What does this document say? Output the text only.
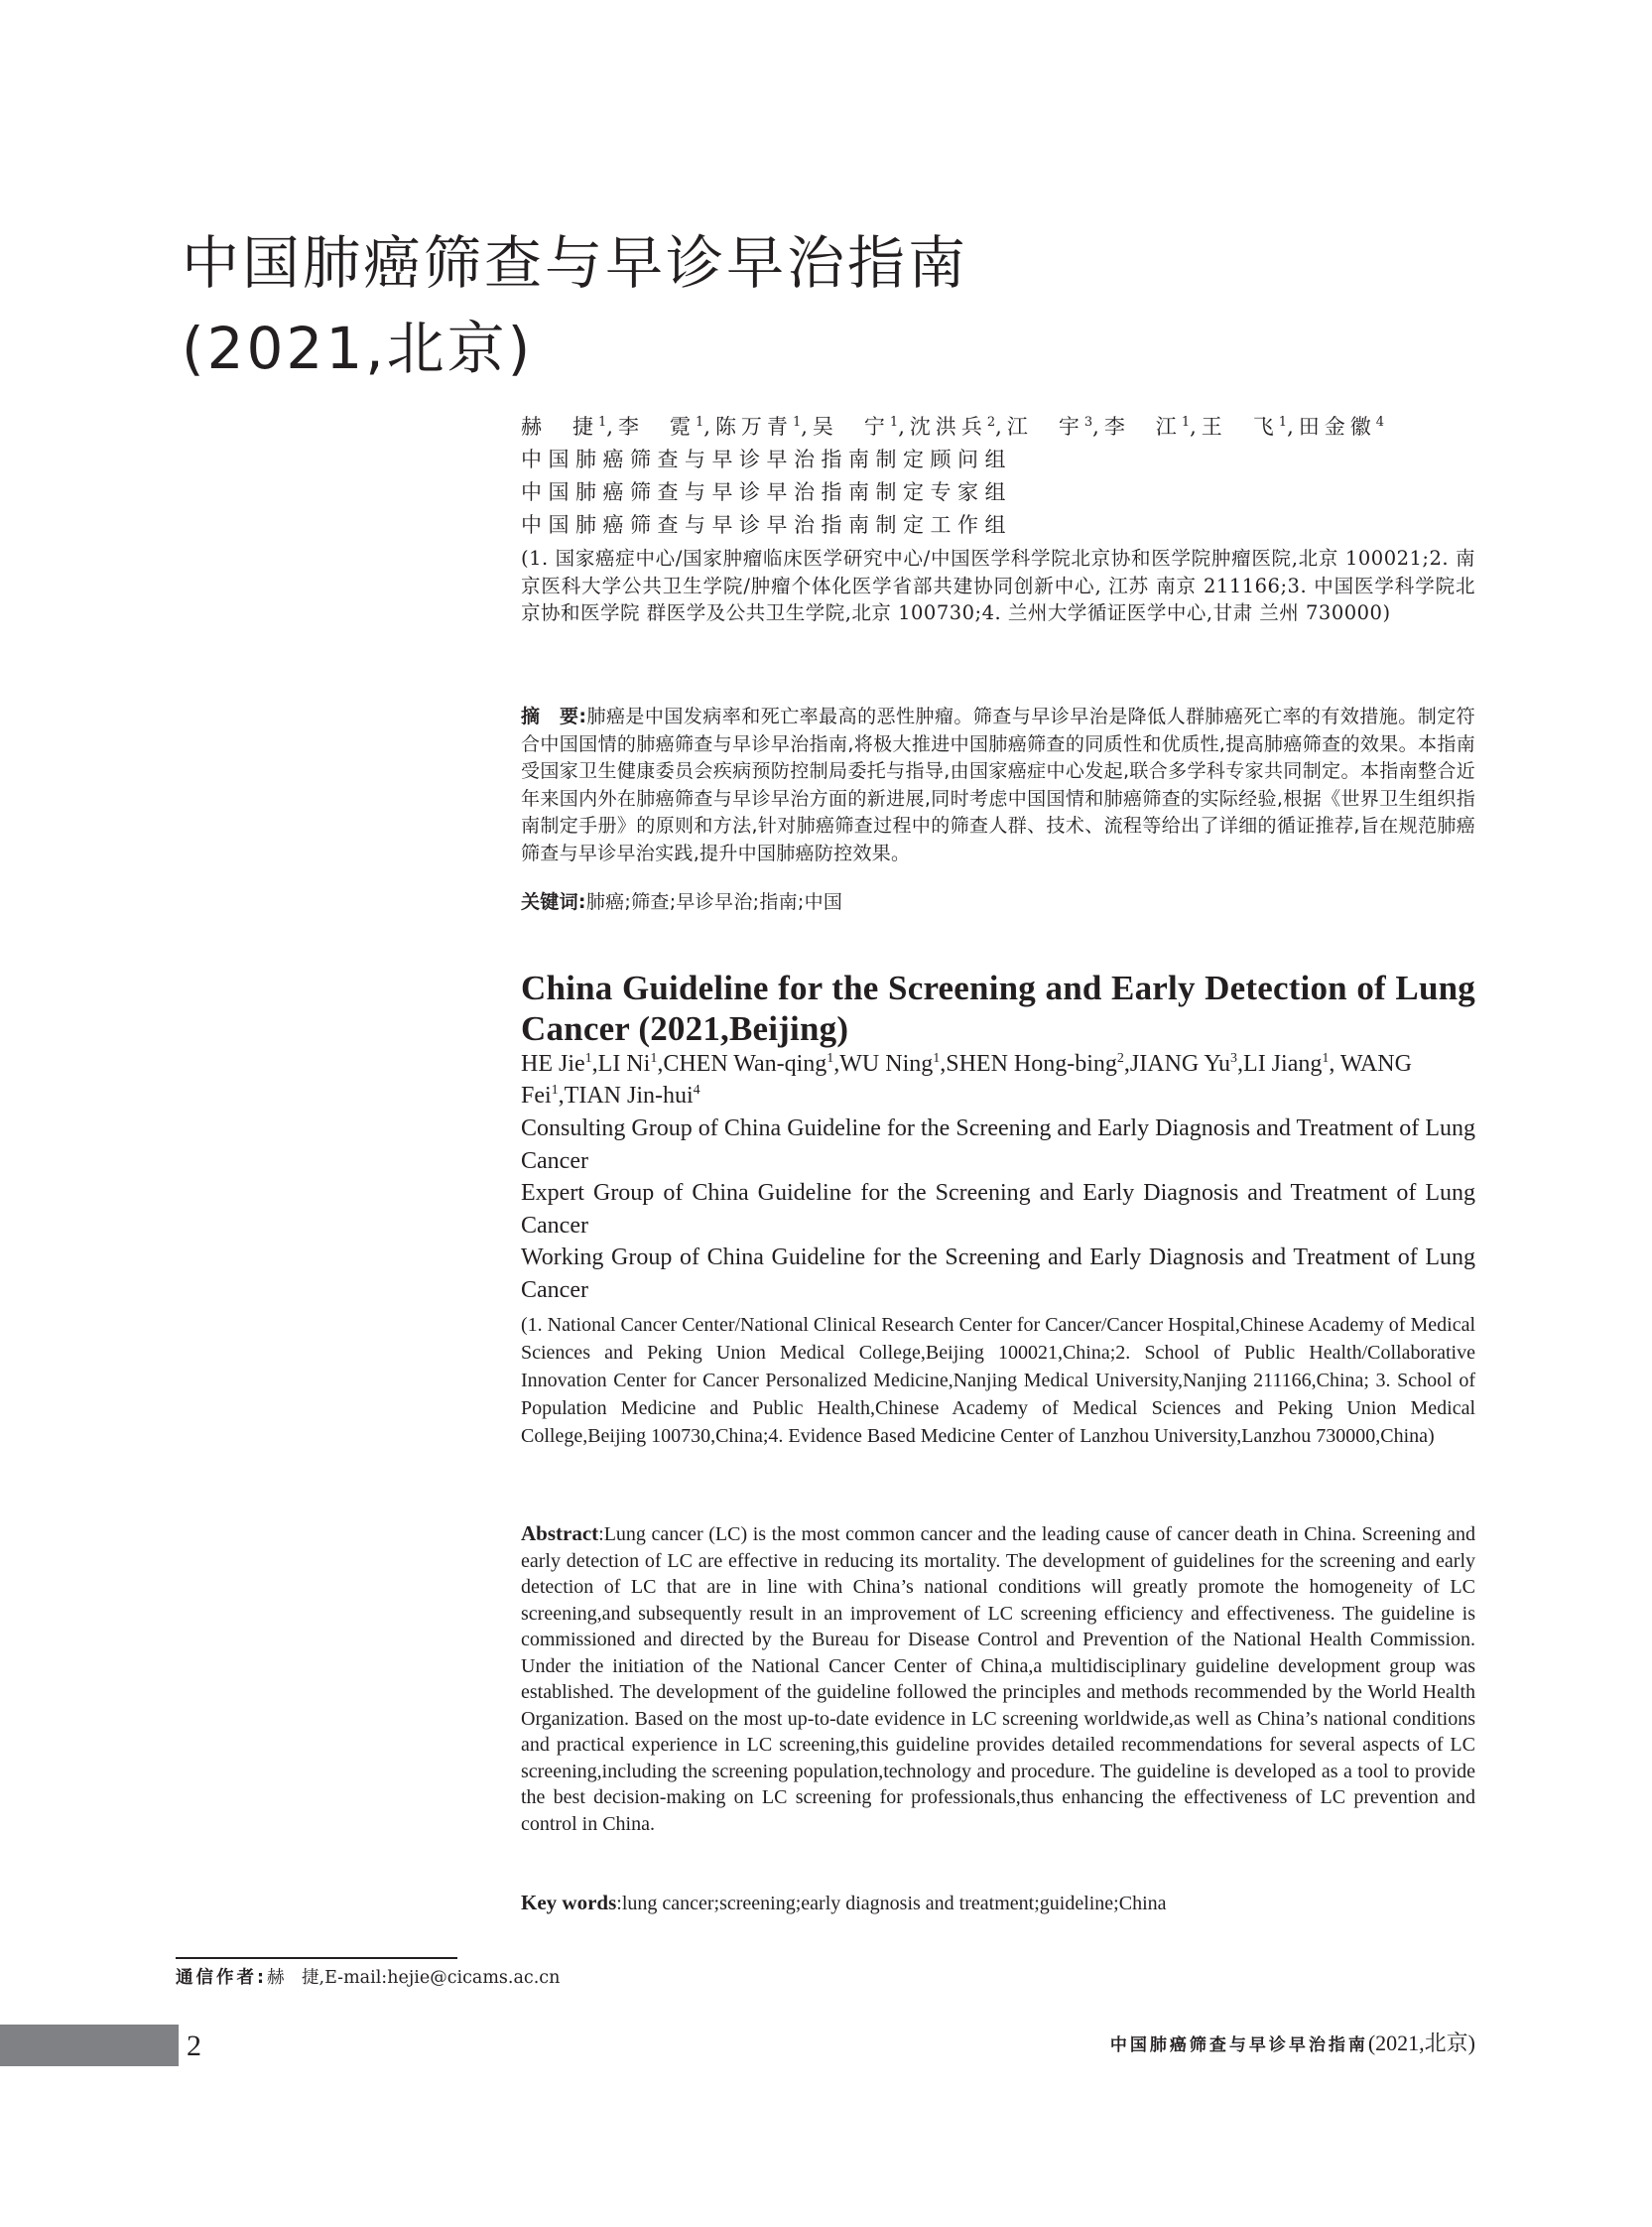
中国肺癌筛查与早诊早治指南
(2021,北京)
赫　捷$^1$,李　霓$^1$,陈万青$^1$,吴　宁$^1$,沈洪兵$^2$,江　宇$^3$,李　江$^1$,王　飞$^1$,田金徽$^4$
中国肺癌筛查与早诊早治指南制定顾问组
中国肺癌筛查与早诊早治指南制定专家组
中国肺癌筛查与早诊早治指南制定工作组
(1. 国家癌症中心/国家肿瘤临床医学研究中心/中国医学科学院北京协和医学院肿瘤医院,北京 100021;2. 南京医科大学公共卫生学院/肿瘤个体化医学省部共建协同创新中心, 江苏 南京 211166;3. 中国医学科学院北京协和医学院 群医学及公共卫生学院,北京 100730;4. 兰州大学循证医学中心,甘肃 兰州 730000)
摘　要:肺癌是中国发病率和死亡率最高的恶性肿瘤。筛查与早诊早治是降低人群肺癌死亡率的有效措施。制定符合中国国情的肺癌筛查与早诊早治指南,将极大推进中国肺癌筛查的同质性和优质性,提高肺癌筛查的效果。本指南受国家卫生健康委员会疾病预防控制局委托与指导,由国家癌症中心发起,联合多学科专家共同制定。本指南整合近年来国内外在肺癌筛查与早诊早治方面的新进展,同时考虑中国国情和肺癌筛查的实际经验,根据《世界卫生组织指南制定手册》的原则和方法,针对肺癌筛查过程中的筛查人群、技术、流程等给出了详细的循证推荐,旨在规范肺癌筛查与早诊早治实践,提升中国肺癌防控效果。
关键词:肺癌;筛查;早诊早治;指南;中国
China Guideline for the Screening and Early Detection of Lung Cancer (2021,Beijing)
HE Jie$^1$,LI Ni$^1$,CHEN Wan-qing$^1$,WU Ning$^1$,SHEN Hong-bing$^2$,JIANG Yu$^3$,LI Jiang$^1$, WANG Fei$^1$,TIAN Jin-hui$^4$

Consulting Group of China Guideline for the Screening and Early Diagnosis and Treatment of Lung Cancer

Expert Group of China Guideline for the Screening and Early Diagnosis and Treatment of Lung Cancer

Working Group of China Guideline for the Screening and Early Diagnosis and Treatment of Lung Cancer

(1. National Cancer Center/National Clinical Research Center for Cancer/Cancer Hospital,Chinese Academy of Medical Sciences and Peking Union Medical College,Beijing 100021,China;2. School of Public Health/Collaborative Innovation Center for Cancer Personalized Medicine,Nanjing Medical University,Nanjing 211166,China; 3. School of Population Medicine and Public Health,Chinese Academy of Medical Sciences and Peking Union Medical College,Beijing 100730,China;4. Evidence Based Medicine Center of Lanzhou University,Lanzhou 730000,China)
Abstract:Lung cancer (LC) is the most common cancer and the leading cause of cancer death in China. Screening and early detection of LC are effective in reducing its mortality. The development of guidelines for the screening and early detection of LC that are in line with China’s national conditions will greatly promote the homogeneity of LC screening,and subsequently result in an improvement of LC screening efficiency and effectiveness. The guideline is commissioned and directed by the Bureau for Disease Control and Prevention of the National Health Commission. Under the initiation of the National Cancer Center of China,a multidisciplinary guideline development group was established. The development of the guideline followed the principles and methods recommended by the World Health Organization. Based on the most up-to-date evidence in LC screening worldwide,as well as China’s national conditions and practical experience in LC screening,this guideline provides detailed recommendations for several aspects of LC screening,including the screening population,technology and procedure. The guideline is developed as a tool to provide the best decision-making on LC screening for professionals,thus enhancing the effectiveness of LC prevention and control in China.
Key words:lung cancer;screening;early diagnosis and treatment;guideline;China
通信作者:赫　捷,E-mail:hejie@cicams.ac.cn
2	中国肺癌筛查与早诊早治指南(2021,北京)
